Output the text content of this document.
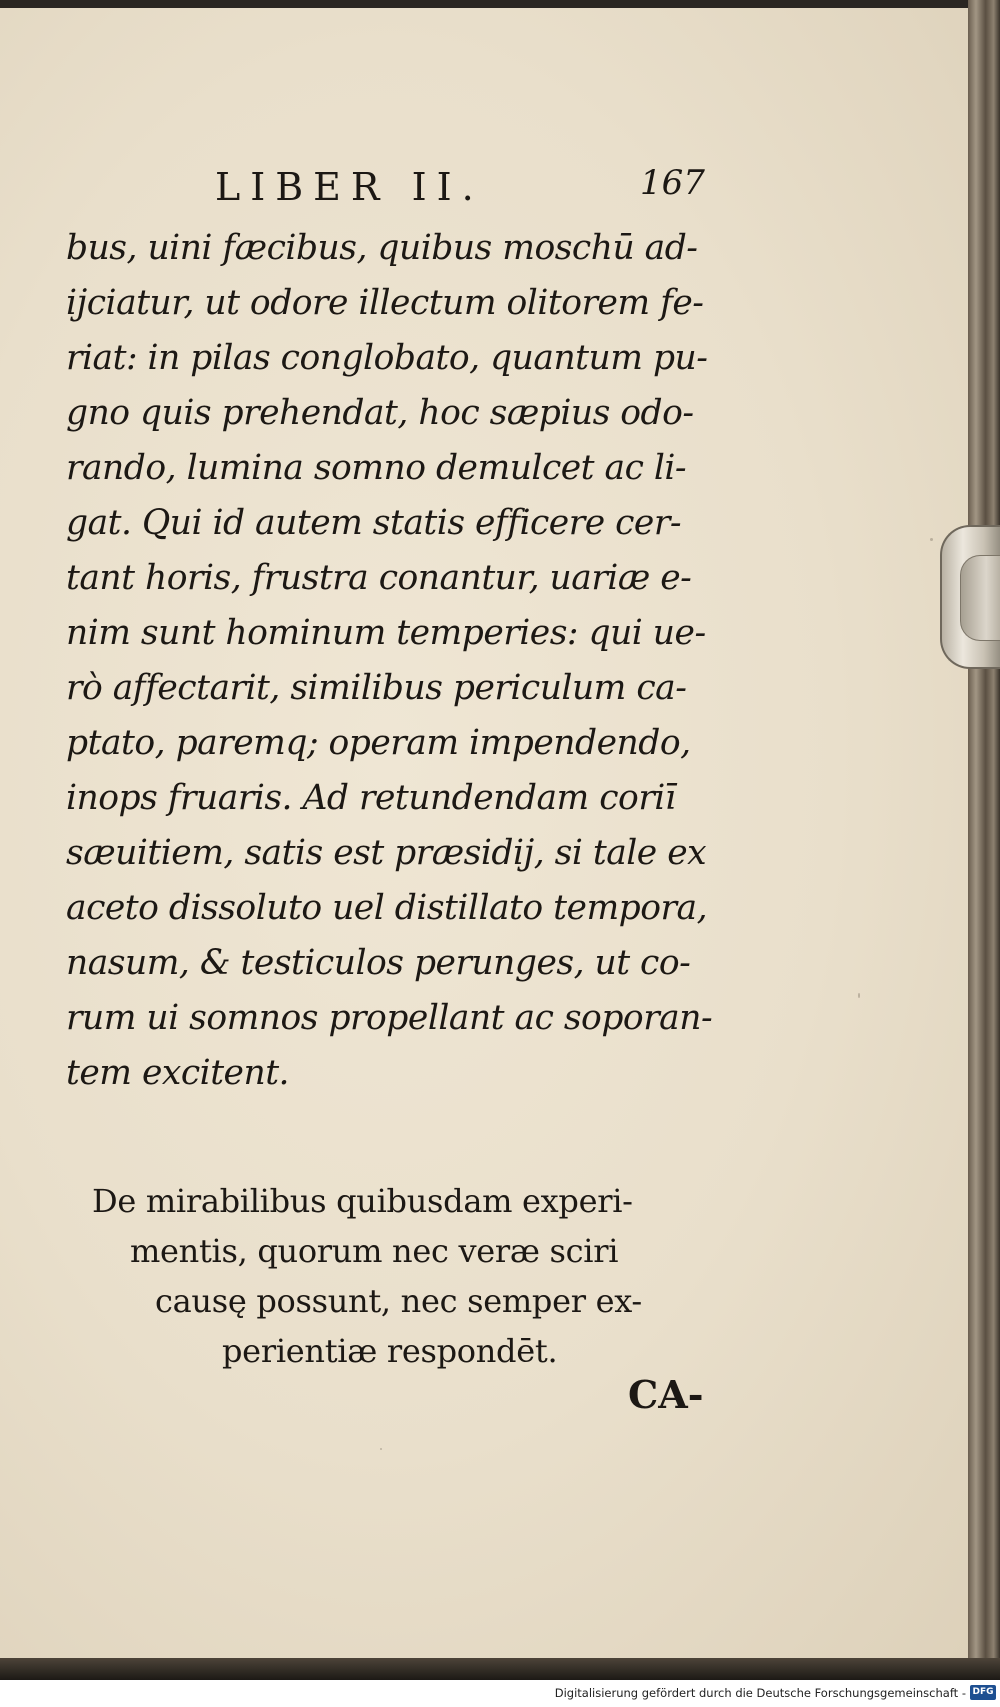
LIBER II.	167
bus, uini fæcibus, quibus moschū ad-
ijciatur, ut odore illectum olitorem fe-
riat: in pilas conglobato, quantum pu-
gno quis prehendat, hoc sæpius odo-
rando, lumina somno demulcet ac li-
gat. Qui id autem statis efficere cer-
tant horis, frustra conantur, uariæ e-
nim sunt hominum temperies: qui ue-
rò affectarit, similibus periculum ca-
ptato, paremq; operam impendendo,
inops fruaris. Ad retundendam coriī
sæuitiem, satis est præsidij, si tale ex
aceto dissoluto uel distillato tempora,
nasum, & testiculos perunges, ut co-
rum ui somnos propellant ac soporan-
tem excitent.
De mirabilibus quibusdam experi-
mentis, quorum nec veræ sciri
causę possunt, nec semper ex-
perientiæ respondēt.
CA-
Digitalisierung gefördert durch die Deutsche Forschungsgemeinschaft - DFG
